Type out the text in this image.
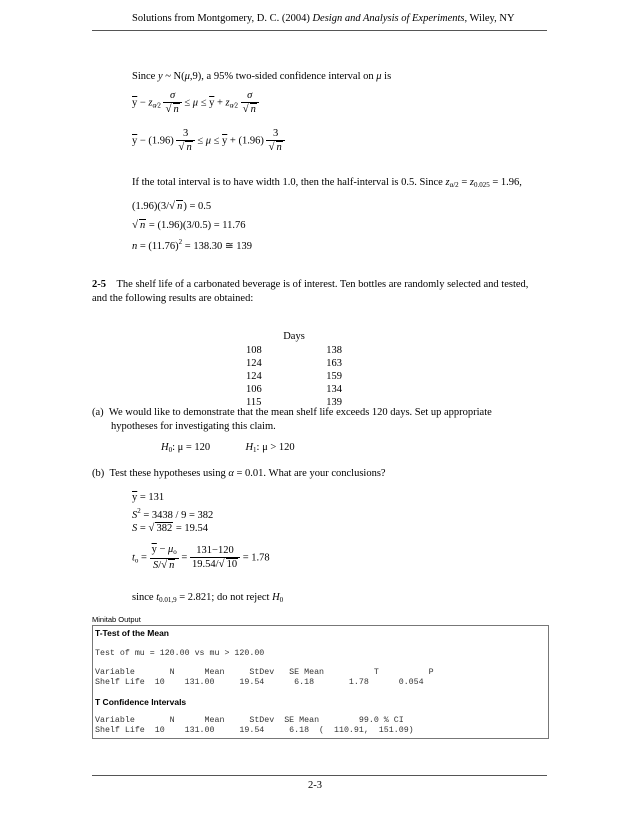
Solutions from Montgomery, D. C. (2004) Design and Analysis of Experiments, Wiley, NY
Since y ~ N(μ,9), a 95% two-sided confidence interval on μ is
$\overline{y} - z_{\alpha⁄2} \frac{\sigma}{√ n} \le \mu \le \overline{y} + z_{\alpha⁄2} \frac{\sigma}{√ n}$
$\overline{y} - (1.96) \frac{3}{√ n} \le \mu \le \overline{y} + (1.96) \frac{3}{√ n}$
If the total interval is to have width 1.0, then the half-interval is 0.5. Since $z_{\alpha/2} = z_{0.025} = 1.96$,
(1.96)(3/√ n) = 0.5
√ n = (1.96)(3/0.5) = 11.76
$n = (11.76)^2 = 138.30$ ≅ 139
2-5 The shelf life of a carbonated beverage is of interest. Ten bottles are randomly selected and tested,
and the following results are obtained:
Days
108	138
124	163
124	159
106	134
115	139
(a) We would like to demonstrate that the mean shelf life exceeds 120 days. Set up appropriate
hypotheses for investigating this claim.
$H_0$: μ = 120	$H_1$: μ > 120
(b) Test these hypotheses using α = 0.01. What are your conclusions?
$\overline{y} = 131$
$S^2 = 3438 / 9 = 382$
S = √ 382 = 19.54
$t_o = \frac{\overline{y} - \mu_o}{S/√ n} = \frac{131-120}{19.54/√ 10} = 1.78$
since $t_{0.01,9} = 2.821$; do not reject $H_0$
Minitab Output
T-Test of the Mean
Test of mu = 120.00 vs mu > 120.00
Variable       N      Mean     StDev   SE Mean          T          P
Shelf Life  10    131.00     19.54      6.18       1.78      0.054
T Confidence Intervals
Variable       N      Mean     StDev  SE Mean        99.0 % CI
Shelf Life  10    131.00     19.54     6.18  (  110.91,  151.09)
2-3
